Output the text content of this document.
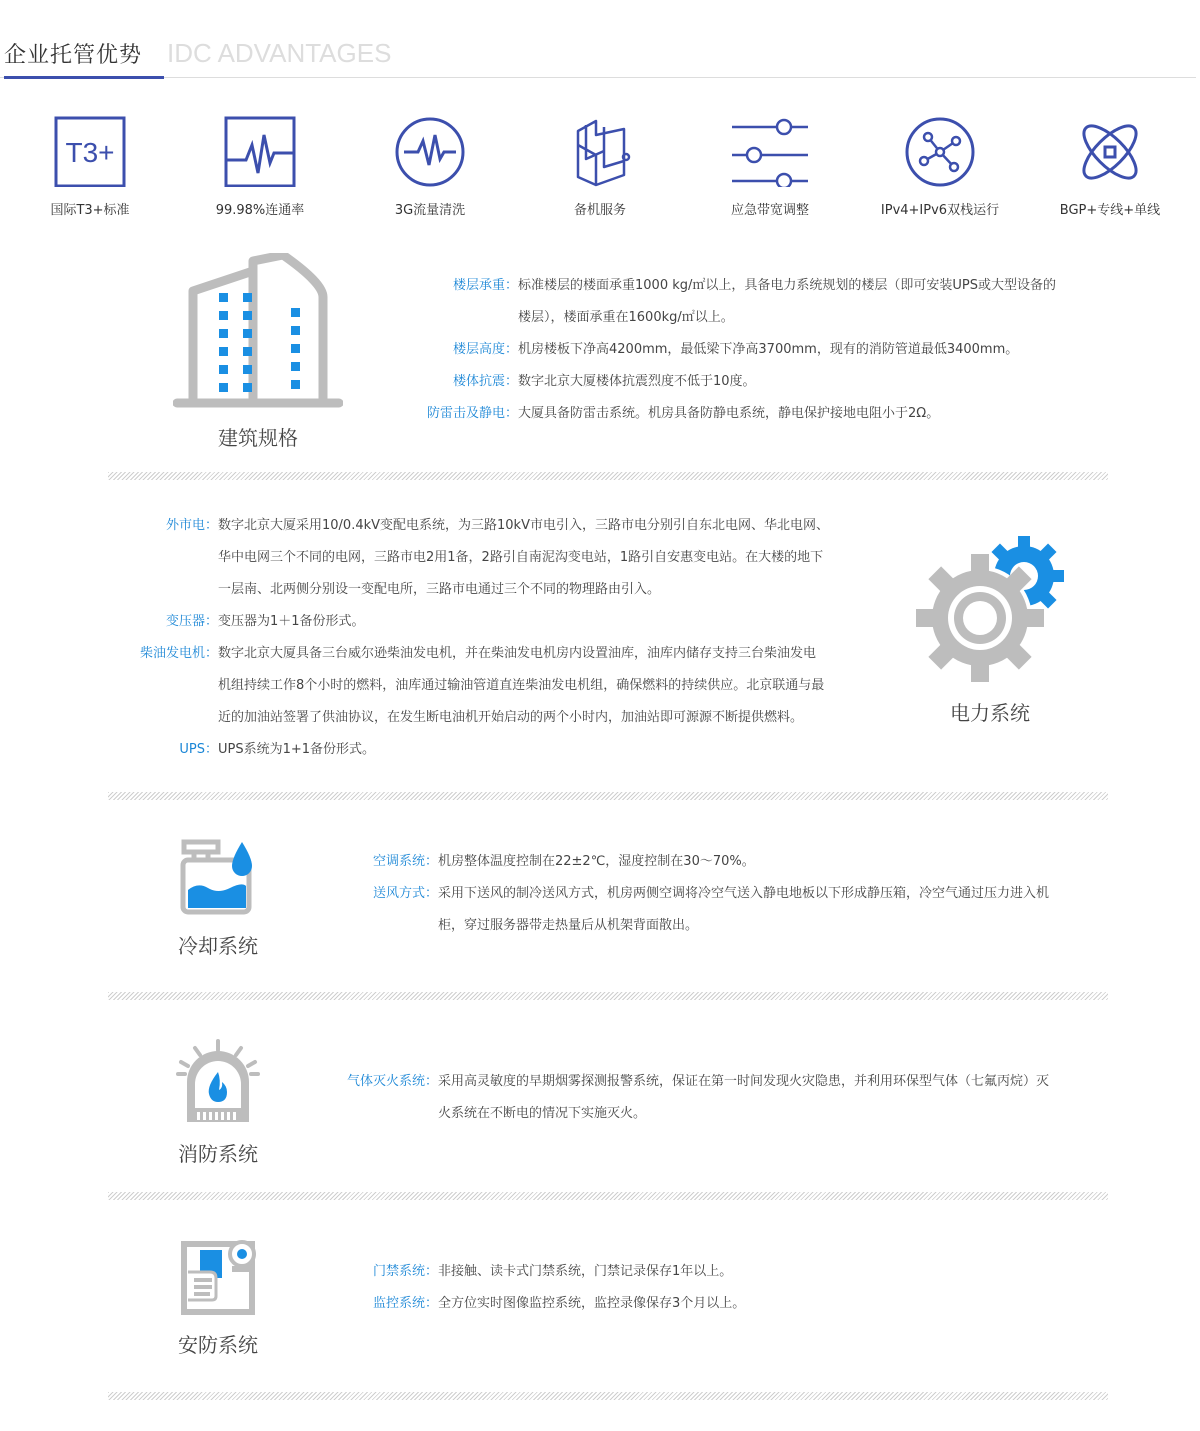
企业托管优势 IDC ADVANTAGES
T3+
国际T3+标准	99.98%连通率	3G流量清洗	备机服务	应急带宽调整	IPv4+IPv6双栈运行	BGP+专线+单线
建筑规格
楼层承重： 标准楼层的楼面承重1000 kg/㎡以上，具备电力系统规划的楼层（即可安装UPS或大型设备的
楼层），楼面承重在1600kg/㎡以上。
楼层高度： 机房楼板下净高4200mm，最低梁下净高3700mm，现有的消防管道最低3400mm。
楼体抗震： 数字北京大厦楼体抗震烈度不低于10度。
防雷击及静电： 大厦具备防雷击系统。机房具备防静电系统，静电保护接地电阻小于2Ω。
外市电： 数字北京大厦采用10/0.4kV变配电系统，为三路10kV市电引入，三路市电分别引自东北电网、华北电网、
华中电网三个不同的电网，三路市电2用1备，2路引自南泥沟变电站，1路引自安惠变电站。在大楼的地下
一层南、北两侧分别设一变配电所，三路市电通过三个不同的物理路由引入。
变压器： 变压器为1＋1备份形式。
柴油发电机： 数字北京大厦具备三台威尔逊柴油发电机，并在柴油发电机房内设置油库，油库内储存支持三台柴油发电
机组持续工作8个小时的燃料，油库通过输油管道直连柴油发电机组，确保燃料的持续供应。北京联通与最
近的加油站签署了供油协议，在发生断电油机开始启动的两个小时内，加油站即可源源不断提供燃料。
UPS： UPS系统为1+1备份形式。
电力系统
冷却系统
空调系统： 机房整体温度控制在22±2℃，湿度控制在30～70%。
送风方式： 采用下送风的制冷送风方式，机房两侧空调将冷空气送入静电地板以下形成静压箱，冷空气通过压力进入机
柜，穿过服务器带走热量后从机架背面散出。
消防系统
气体灭火系统： 采用高灵敏度的早期烟雾探测报警系统，保证在第一时间发现火灾隐患，并利用环保型气体（七氟丙烷）灭
火系统在不断电的情况下实施灭火。
安防系统
门禁系统： 非接触、读卡式门禁系统，门禁记录保存1年以上。
监控系统： 全方位实时图像监控系统，监控录像保存3个月以上。
